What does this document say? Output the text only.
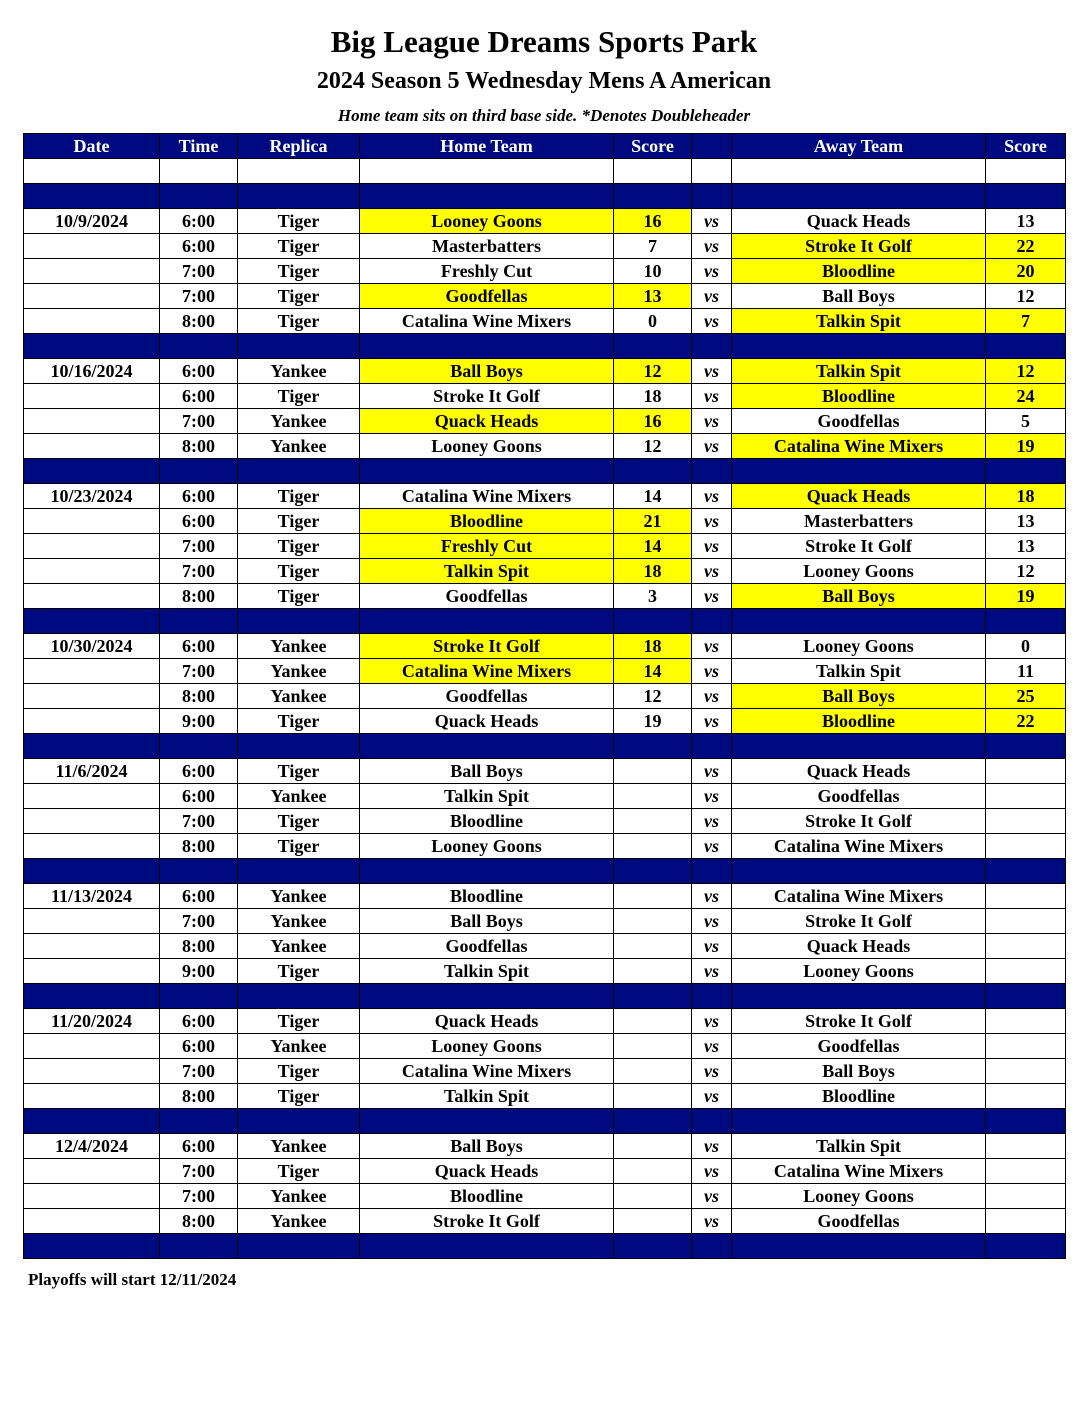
Big League Dreams Sports Park
2024 Season 5 Wednesday Mens A American
Home team sits on third base side. *Denotes Doubleheader
Date	Time	Replica	Home Team	Score		Away Team	Score

10/9/2024	6:00	Tiger	Looney Goons	16	vs	Quack Heads	13
	6:00	Tiger	Masterbatters	7	vs	Stroke It Golf	22
	7:00	Tiger	Freshly Cut	10	vs	Bloodline	20
	7:00	Tiger	Goodfellas	13	vs	Ball Boys	12
	8:00	Tiger	Catalina Wine Mixers	0	vs	Talkin Spit	7

10/16/2024	6:00	Yankee	Ball Boys	12	vs	Talkin Spit	12
	6:00	Tiger	Stroke It Golf	18	vs	Bloodline	24
	7:00	Yankee	Quack Heads	16	vs	Goodfellas	5
	8:00	Yankee	Looney Goons	12	vs	Catalina Wine Mixers	19

10/23/2024	6:00	Tiger	Catalina Wine Mixers	14	vs	Quack Heads	18
	6:00	Tiger	Bloodline	21	vs	Masterbatters	13
	7:00	Tiger	Freshly Cut	14	vs	Stroke It Golf	13
	7:00	Tiger	Talkin Spit	18	vs	Looney Goons	12
	8:00	Tiger	Goodfellas	3	vs	Ball Boys	19

10/30/2024	6:00	Yankee	Stroke It Golf	18	vs	Looney Goons	0
	7:00	Yankee	Catalina Wine Mixers	14	vs	Talkin Spit	11
	8:00	Yankee	Goodfellas	12	vs	Ball Boys	25
	9:00	Tiger	Quack Heads	19	vs	Bloodline	22

11/6/2024	6:00	Tiger	Ball Boys		vs	Quack Heads	
	6:00	Yankee	Talkin Spit		vs	Goodfellas	
	7:00	Tiger	Bloodline		vs	Stroke It Golf	
	8:00	Tiger	Looney Goons		vs	Catalina Wine Mixers	

11/13/2024	6:00	Yankee	Bloodline		vs	Catalina Wine Mixers	
	7:00	Yankee	Ball Boys		vs	Stroke It Golf	
	8:00	Yankee	Goodfellas		vs	Quack Heads	
	9:00	Tiger	Talkin Spit		vs	Looney Goons	

11/20/2024	6:00	Tiger	Quack Heads		vs	Stroke It Golf	
	6:00	Yankee	Looney Goons		vs	Goodfellas	
	7:00	Tiger	Catalina Wine Mixers		vs	Ball Boys	
	8:00	Tiger	Talkin Spit		vs	Bloodline	

12/4/2024	6:00	Yankee	Ball Boys		vs	Talkin Spit	
	7:00	Tiger	Quack Heads		vs	Catalina Wine Mixers	
	7:00	Yankee	Bloodline		vs	Looney Goons	
	8:00	Yankee	Stroke It Golf		vs	Goodfellas	

Playoffs will start 12/11/2024
